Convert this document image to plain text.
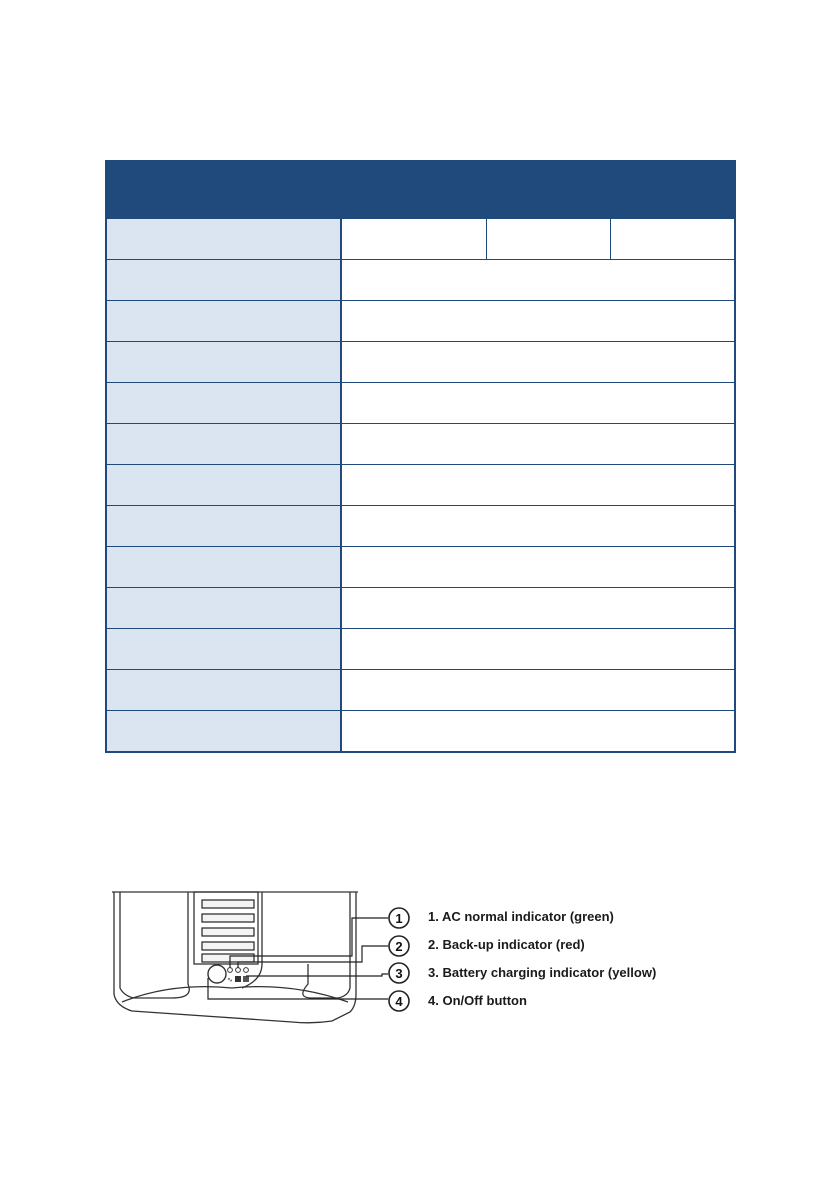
∿
1
2
3
4
1. AC normal indicator (green)
2. Back-up indicator (red)
3. Battery charging indicator (yellow)
4. On/Off button
